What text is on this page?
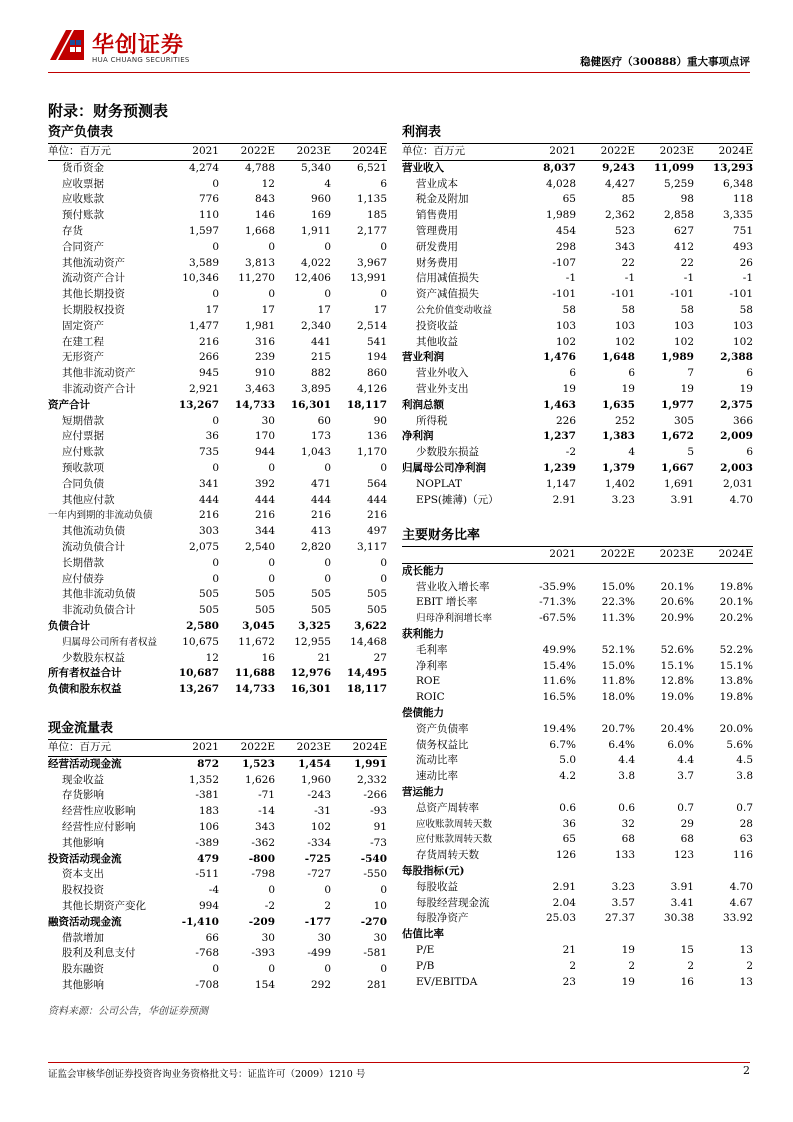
华创证券
HUA CHUANG SECURITIES	稳健医疗（300888）重大事项点评
附录：财务预测表
资产负债表	利润表
主要财务比率
现金流量表
单位：百万元	2021	2022E	2023E	2024E
货币资金	4,274	4,788	5,340	6,521
应收票据	0	12	4	6
应收账款	776	843	960	1,135
预付账款	110	146	169	185
存货	1,597	1,668	1,911	2,177
合同资产	0	0	0	0
其他流动资产	3,589	3,813	4,022	3,967
流动资产合计	10,346	11,270	12,406	13,991
其他长期投资	0	0	0	0
长期股权投资	17	17	17	17
固定资产	1,477	1,981	2,340	2,514
在建工程	216	316	441	541
无形资产	266	239	215	194
其他非流动资产	945	910	882	860
非流动资产合计	2,921	3,463	3,895	4,126
资产合计	13,267	14,733	16,301	18,117
短期借款	0	30	60	90
应付票据	36	170	173	136
应付账款	735	944	1,043	1,170
预收款项	0	0	0	0
合同负债	341	392	471	564
其他应付款	444	444	444	444
一年内到期的非流动负债	216	216	216	216
其他流动负债	303	344	413	497
流动负债合计	2,075	2,540	2,820	3,117
长期借款	0	0	0	0
应付债券	0	0	0	0
其他非流动负债	505	505	505	505
非流动负债合计	505	505	505	505
负债合计	2,580	3,045	3,325	3,622
归属母公司所有者权益	10,675	11,672	12,955	14,468
少数股东权益	12	16	21	27
所有者权益合计	10,687	11,688	12,976	14,495
负债和股东权益	13,267	14,733	16,301	18,117
单位：百万元	2021	2022E	2023E	2024E
营业收入	8,037	9,243	11,099	13,293
营业成本	4,028	4,427	5,259	6,348
税金及附加	65	85	98	118
销售费用	1,989	2,362	2,858	3,335
管理费用	454	523	627	751
研发费用	298	343	412	493
财务费用	-107	22	22	26
信用减值损失	-1	-1	-1	-1
资产减值损失	-101	-101	-101	-101
公允价值变动收益	58	58	58	58
投资收益	103	103	103	103
其他收益	102	102	102	102
营业利润	1,476	1,648	1,989	2,388
营业外收入	6	6	7	6
营业外支出	19	19	19	19
利润总额	1,463	1,635	1,977	2,375
所得税	226	252	305	366
净利润	1,237	1,383	1,672	2,009
少数股东损益	-2	4	5	6
归属母公司净利润	1,239	1,379	1,667	2,003
NOPLAT	1,147	1,402	1,691	2,031
EPS(摊薄)（元）	2.91	3.23	3.91	4.70
	2021	2022E	2023E	2024E
成长能力				
营业收入增长率	-35.9%	15.0%	20.1%	19.8%
EBIT 增长率	-71.3%	22.3%	20.6%	20.1%
归母净利润增长率	-67.5%	11.3%	20.9%	20.2%
获利能力				
毛利率	49.9%	52.1%	52.6%	52.2%
净利率	15.4%	15.0%	15.1%	15.1%
ROE	11.6%	11.8%	12.8%	13.8%
ROIC	16.5%	18.0%	19.0%	19.8%
偿债能力				
资产负债率	19.4%	20.7%	20.4%	20.0%
债务权益比	6.7%	6.4%	6.0%	5.6%
流动比率	5.0	4.4	4.4	4.5
速动比率	4.2	3.8	3.7	3.8
营运能力				
总资产周转率	0.6	0.6	0.7	0.7
应收账款周转天数	36	32	29	28
应付账款周转天数	65	68	68	63
存货周转天数	126	133	123	116
每股指标(元)				
每股收益	2.91	3.23	3.91	4.70
每股经营现金流	2.04	3.57	3.41	4.67
每股净资产	25.03	27.37	30.38	33.92
估值比率				
P/E	21	19	15	13
P/B	2	2	2	2
EV/EBITDA	23	19	16	13
单位：百万元	2021	2022E	2023E	2024E
经营活动现金流	872	1,523	1,454	1,991
现金收益	1,352	1,626	1,960	2,332
存货影响	-381	-71	-243	-266
经营性应收影响	183	-14	-31	-93
经营性应付影响	106	343	102	91
其他影响	-389	-362	-334	-73
投资活动现金流	479	-800	-725	-540
资本支出	-511	-798	-727	-550
股权投资	-4	0	0	0
其他长期资产变化	994	-2	2	10
融资活动现金流	-1,410	-209	-177	-270
借款增加	66	30	30	30
股利及利息支付	-768	-393	-499	-581
股东融资	0	0	0	0
其他影响	-708	154	292	281
资料来源：公司公告，华创证券预测
证监会审核华创证券投资咨询业务资格批文号：证监许可（2009）1210 号	2
